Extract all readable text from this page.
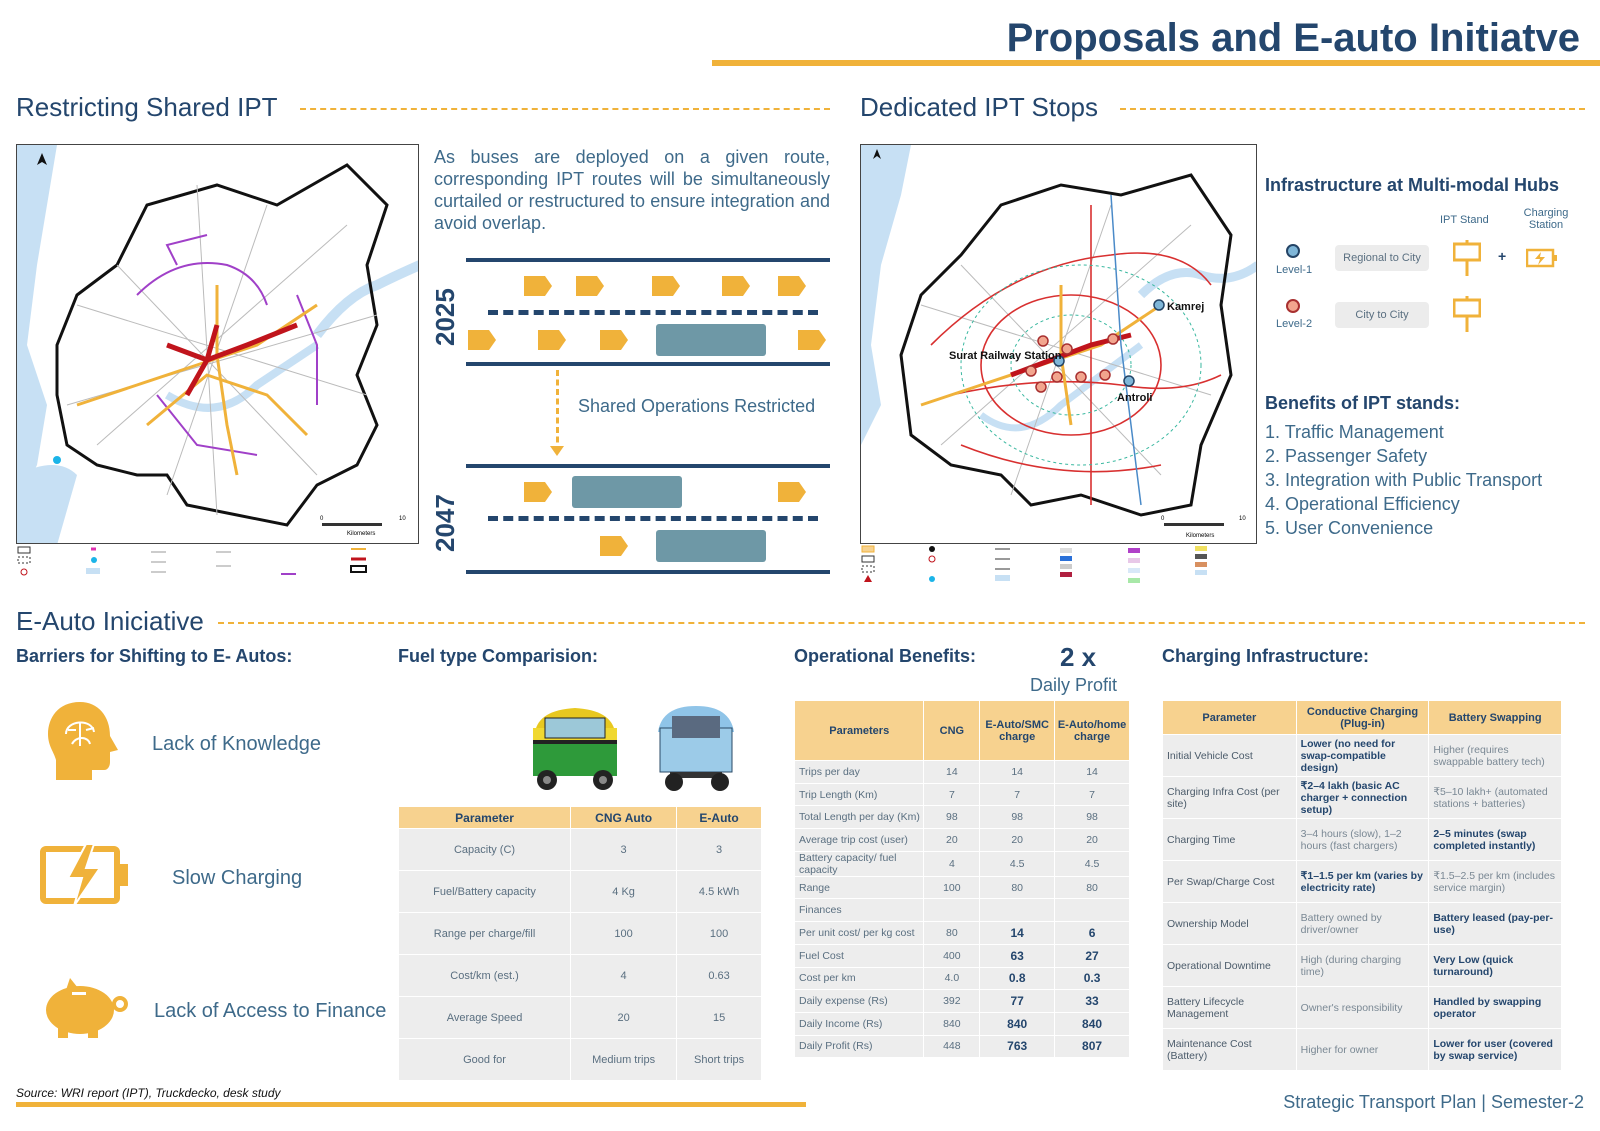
Proposals and E-auto Initiatve
Restricting Shared IPT	Dedicated IPT Stops
0	10
Kilometers
As buses are deployed on a given route, corresponding IPT routes will be simultaneously curtailed or restructured to ensure integration and avoid overlap.
Shared Operations Restricted
2025
2047
Kamrej
Surat Railway Station
Antroli
0	10
Kilometers
Infrastructure at Multi-modal Hubs
IPT Stand
Charging Station
Level-1
Regional to City	+
Level-2
City to City
Benefits of IPT stands:
1. Traffic Management
2. Passenger Safety
3. Integration with Public Transport
4. Operational Efficiency
5. User Convenience
E-Auto Iniciative
Barriers for Shifting to E- Autos:
Lack of Knowledge
Slow Charging
Lack of Access to Finance
Fuel type Comparision:
Parameter	CNG Auto	E-Auto
Capacity (C)	3	3
Fuel/Battery capacity	4 Kg	4.5 kWh
Range per charge/fill	100	100
Cost/km (est.)	4	0.63
Average Speed	20	15
Good for	Medium trips	Short trips
Operational Benefits:	2 x
Daily Profit
Parameters	CNG	E-Auto/SMC charge	E-Auto/home charge
Trips per day	14	14	14
Trip Length (Km)	7	7	7
Total Length per day (Km)	98	98	98
Average trip cost (user)	20	20	20
Battery capacity/ fuel capacity	4	4.5	4.5
Range	100	80	80
Finances			
Per unit cost/ per kg cost	80	14	6
Fuel Cost	400	63	27
Cost per km	4.0	0.8	0.3
Daily expense (Rs)	392	77	33
Daily Income (Rs)	840	840	840
Daily Profit (Rs)	448	763	807
Charging Infrastructure:
Parameter	Conductive Charging (Plug-in)	Battery Swapping
Initial Vehicle Cost	Lower (no need for swap-compatible design)	Higher (requires swappable battery tech)
Charging Infra Cost (per site)	₹2–4 lakh (basic AC charger + connection setup)	₹5–10 lakh+ (automated stations + batteries)
Charging Time	3–4 hours (slow), 1–2 hours (fast chargers)	2–5 minutes (swap completed instantly)
Per Swap/Charge Cost	₹1–1.5 per km (varies by electricity rate)	₹1.5–2.5 per km (includes service margin)
Ownership Model	Battery owned by driver/owner	Battery leased (pay-per-use)
Operational Downtime	High (during charging time)	Very Low (quick turnaround)
Battery Lifecycle Management	Owner's responsibility	Handled by swapping operator
Maintenance Cost (Battery)	Higher for owner	Lower for user (covered by swap service)
Source: WRI report (IPT), Truckdecko, desk study	Strategic Transport Plan | Semester-2
